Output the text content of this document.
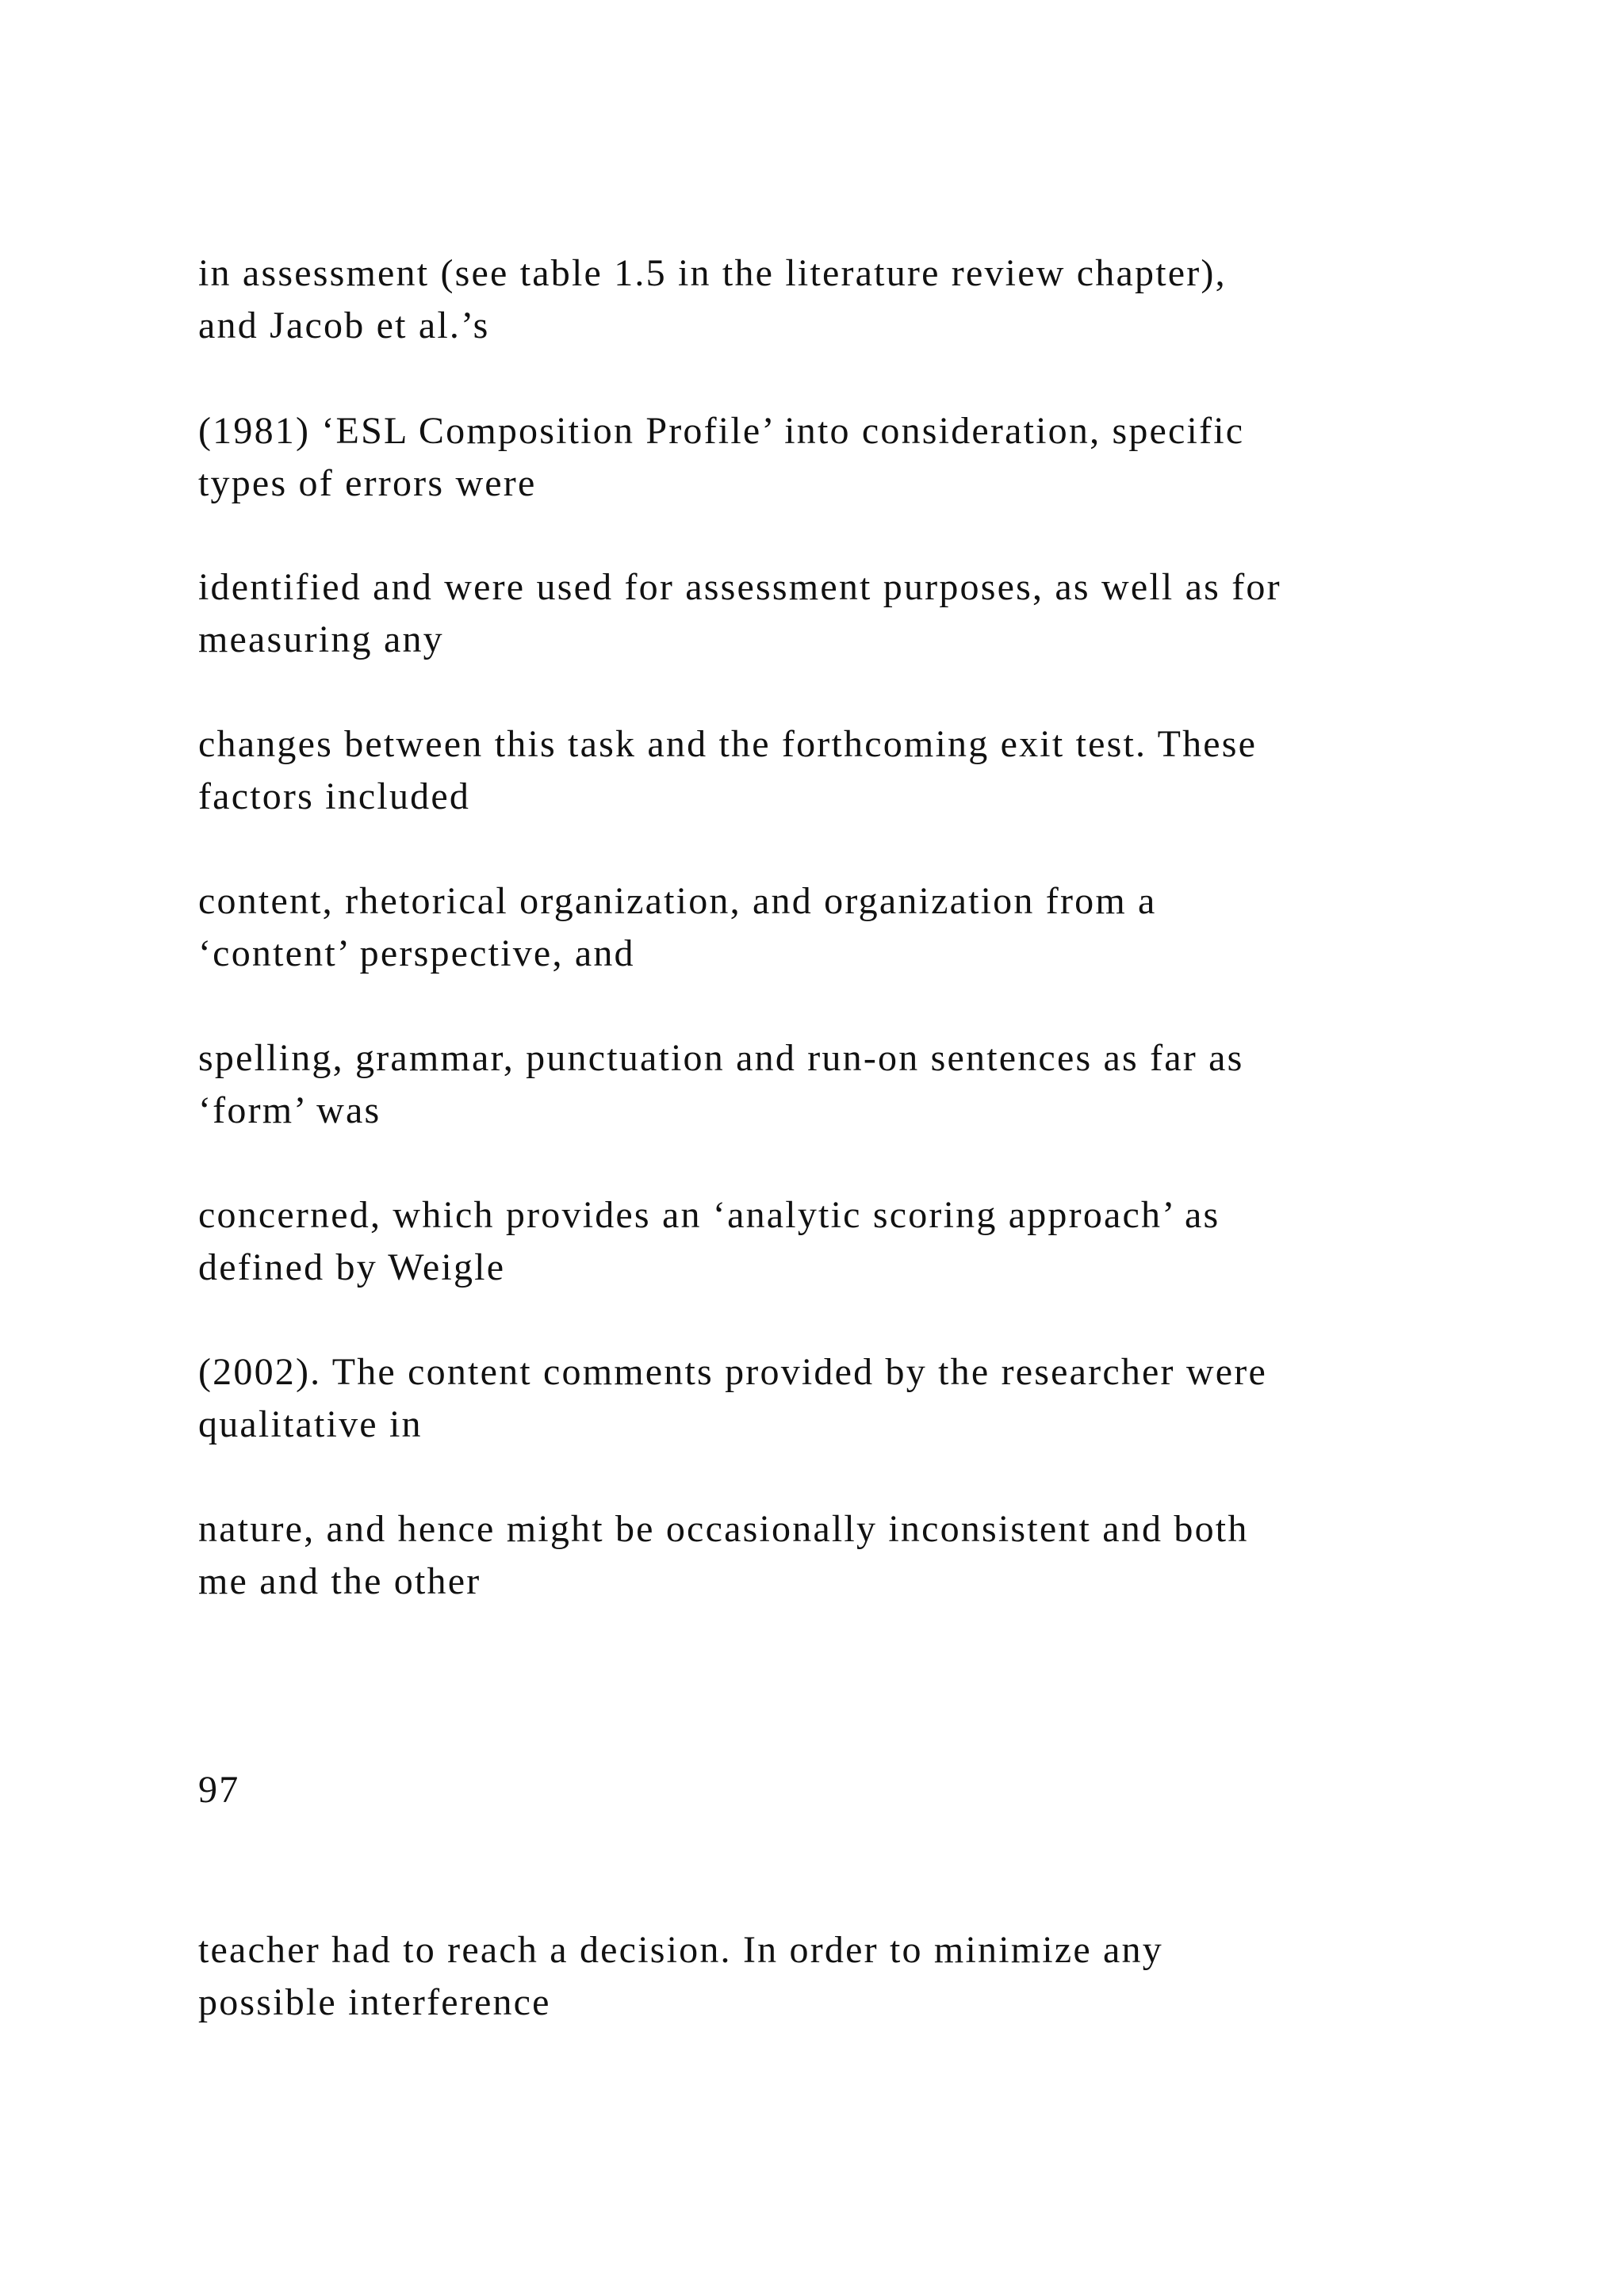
in assessment (see table 1.5 in the literature review chapter),
and Jacob et al.’s

(1981) ‘ESL Composition Profile’ into consideration, specific
types of errors were

identified and were used for assessment purposes, as well as for
measuring any

changes between this task and the forthcoming exit test. These
factors included

content, rhetorical organization, and organization from a
‘content’ perspective, and

spelling, grammar, punctuation and run-on sentences as far as
‘form’ was

concerned, which provides an ‘analytic scoring approach’ as
defined by Weigle

(2002). The content comments provided by the researcher were
qualitative in

nature, and hence might be occasionally inconsistent and both
me and the other

97

teacher had to reach a decision. In order to minimize any
possible interference
